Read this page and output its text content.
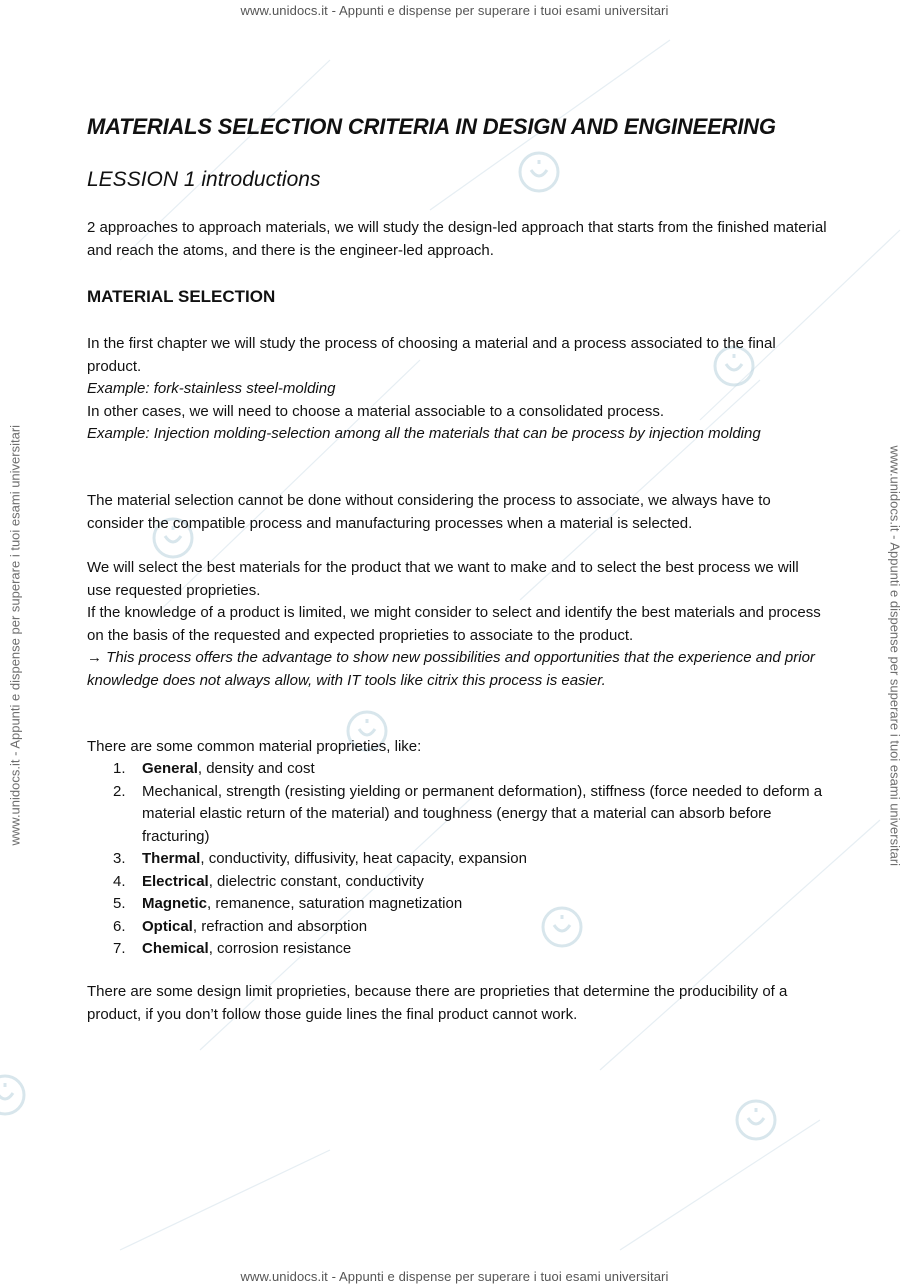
www.unidocs.it - Appunti e dispense per superare i tuoi esami universitari
www.unidocs.it - Appunti e dispense per superare i tuoi esami universitari	www.unidocs.it - Appunti e dispense per superare i tuoi esami universitari
MATERIALS SELECTION CRITERIA IN DESIGN AND ENGINEERING
LESSION 1 introductions

2 approaches to approach materials, we will study the design-led approach that starts from the finished material and reach the atoms, and there is the engineer-led approach.

MATERIAL SELECTION
In the first chapter we will study the process of choosing a material and a process associated to the final product.
Example: fork-stainless steel-molding
In other cases, we will need to choose a material associable to a consolidated process.
Example: Injection molding-selection among all the materials that can be process by injection molding

The material selection cannot be done without considering the process to associate, we always have to consider the compatible process and manufacturing processes when a material is selected.

We will select the best materials for the product that we want to make and to select the best process we will use requested proprieties.
If the knowledge of a product is limited, we might consider to select and identify the best materials and process on the basis of the requested and expected proprieties to associate to the product.
→ This process offers the advantage to show new possibilities and opportunities that the experience and prior knowledge does not always allow, with IT tools like citrix this process is easier.

There are some common material proprieties, like:

1. General, density and cost
2. Mechanical, strength (resisting yielding or permanent deformation), stiffness (force needed to deform a material elastic return of the material) and toughness (energy that a material can absorb before fracturing)
3. Thermal, conductivity, diffusivity, heat capacity, expansion
4. Electrical, dielectric constant, conductivity
5. Magnetic, remanence, saturation magnetization
6. Optical, refraction and absorption
7. Chemical, corrosion resistance

There are some design limit proprieties, because there are proprieties that determine the producibility of a product, if you don’t follow those guide lines the final product cannot work.

www.unidocs.it - Appunti e dispense per superare i tuoi esami universitari
